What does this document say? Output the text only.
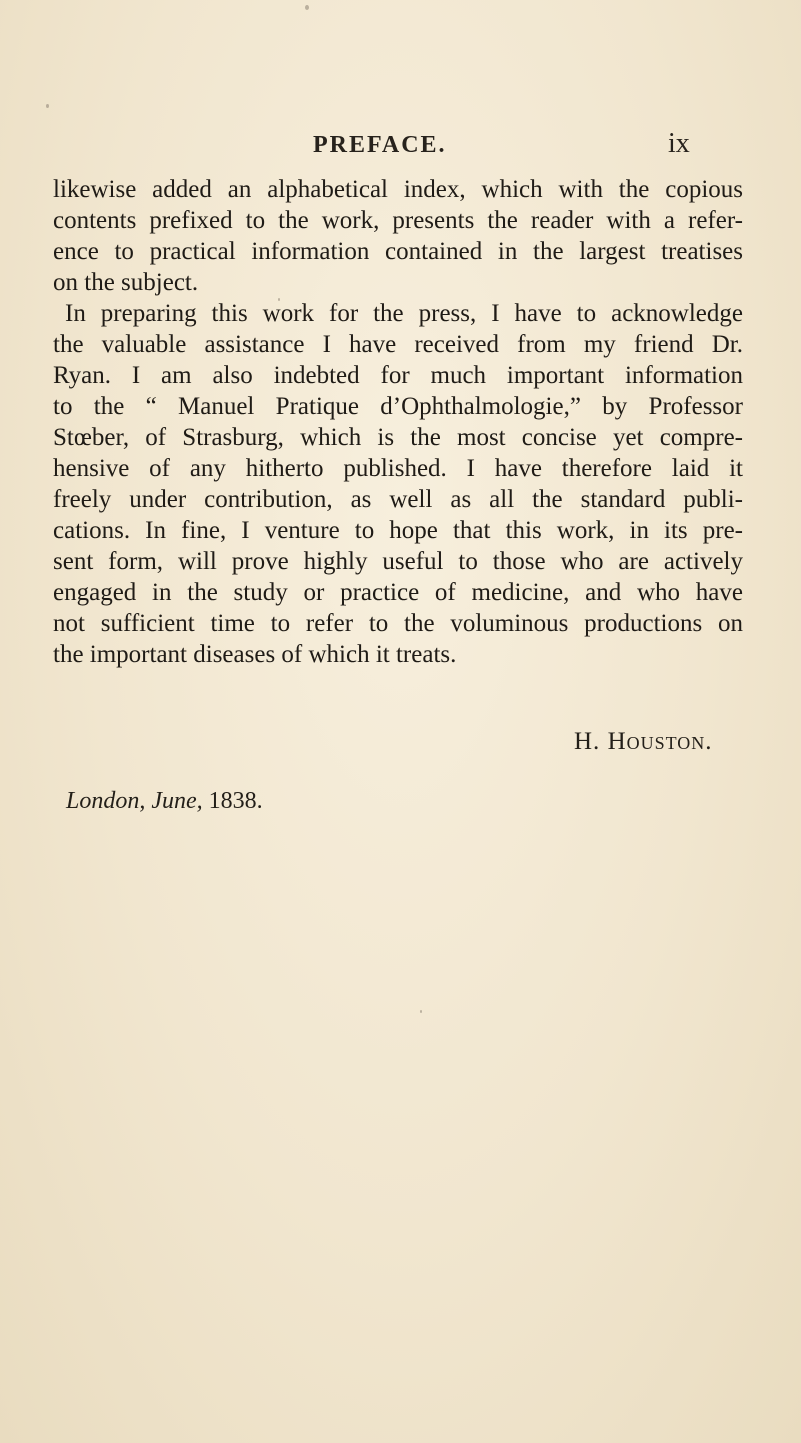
PREFACE.	ix
likewise added an alphabetical index, which with the copious
contents prefixed to the work, presents the reader with a refer-
ence to practical information contained in the largest treatises
on the subject.
In preparing this work for the press, I have to acknowledge
the valuable assistance I have received from my friend Dr.
Ryan. I am also indebted for much important information
to the “ Manuel Pratique d’Ophthalmologie,” by Professor
Stœber, of Strasburg, which is the most concise yet compre-
hensive of any hitherto published. I have therefore laid it
freely under contribution, as well as all the standard publi-
cations. In fine, I venture to hope that this work, in its pre-
sent form, will prove highly useful to those who are actively
engaged in the study or practice of medicine, and who have
not sufficient time to refer to the voluminous productions on
the important diseases of which it treats.
H. Houston.
London, June, 1838.
